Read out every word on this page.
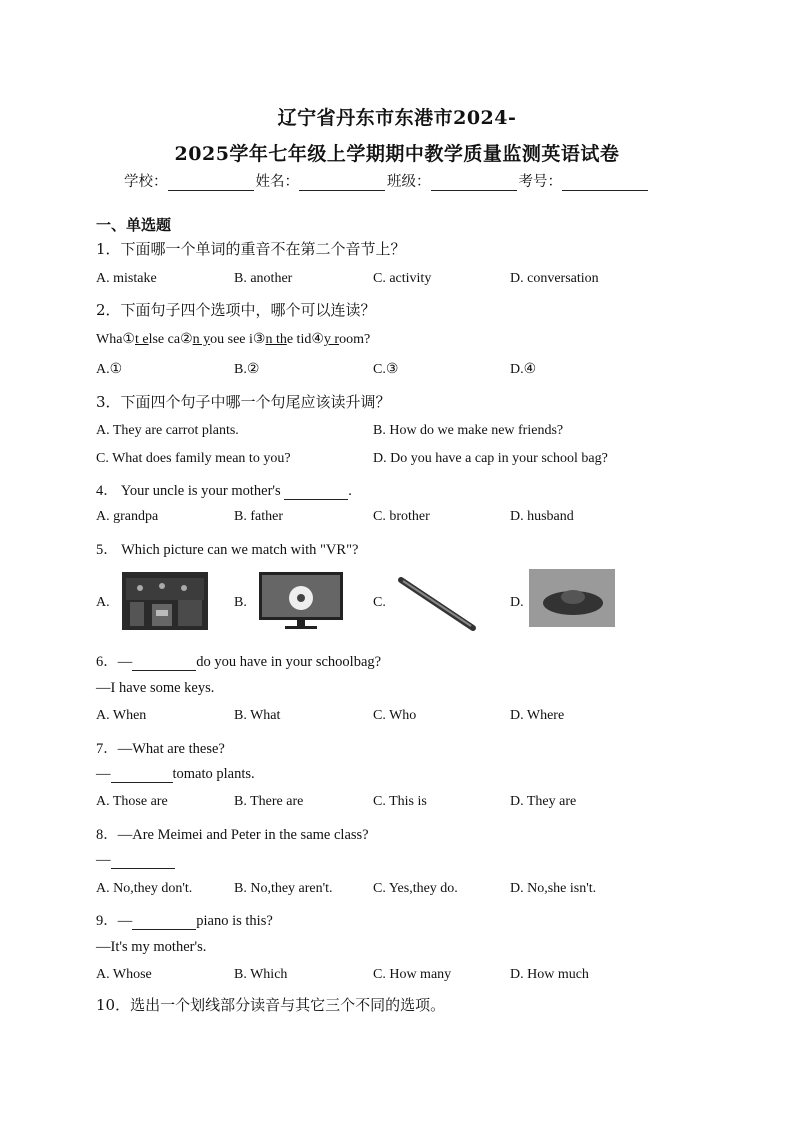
辽宁省丹东市东港市2024-
2025学年七年级上学期期中教学质量监测英语试卷
学校：	姓名：	班级：	考号：
一、单选题
1．下面哪一个单词的重音不在第二个音节上？
A. mistake	B. another	C. activity	D. conversation
2．下面句子四个选项中，哪个可以连读？
Wha①t else ca②n you see i③n the tid④y room?
A.①	B.②	C.③	D.④
3．下面四个句子中哪一个句尾应该读升调？
A. They are carrot plants.	B. How do we make new friends?
C. What does family mean to you?	D. Do you have a cap in your school bag?
4． Your uncle is your mother's	.
A. grandpa	B. father	C. brother	D. husband
5． Which picture can we match with "VR"?
A.	B.	C.	D.
6．—	do you have in your schoolbag?
—I have some keys.
A. When	B. What	C. Who	D. Where
7．—What are these?
—	tomato plants.
A. Those are	B. There are	C. This is	D. They are
8．—Are Meimei and Peter in the same class?
—
A. No,they don't.	B. No,they aren't.	C. Yes,they do.	D. No,she isn't.
9．—	piano is this?
—It's my mother's.
A. Whose	B. Which	C. How many	D. How much
10．选出一个划线部分读音与其它三个不同的选项。
